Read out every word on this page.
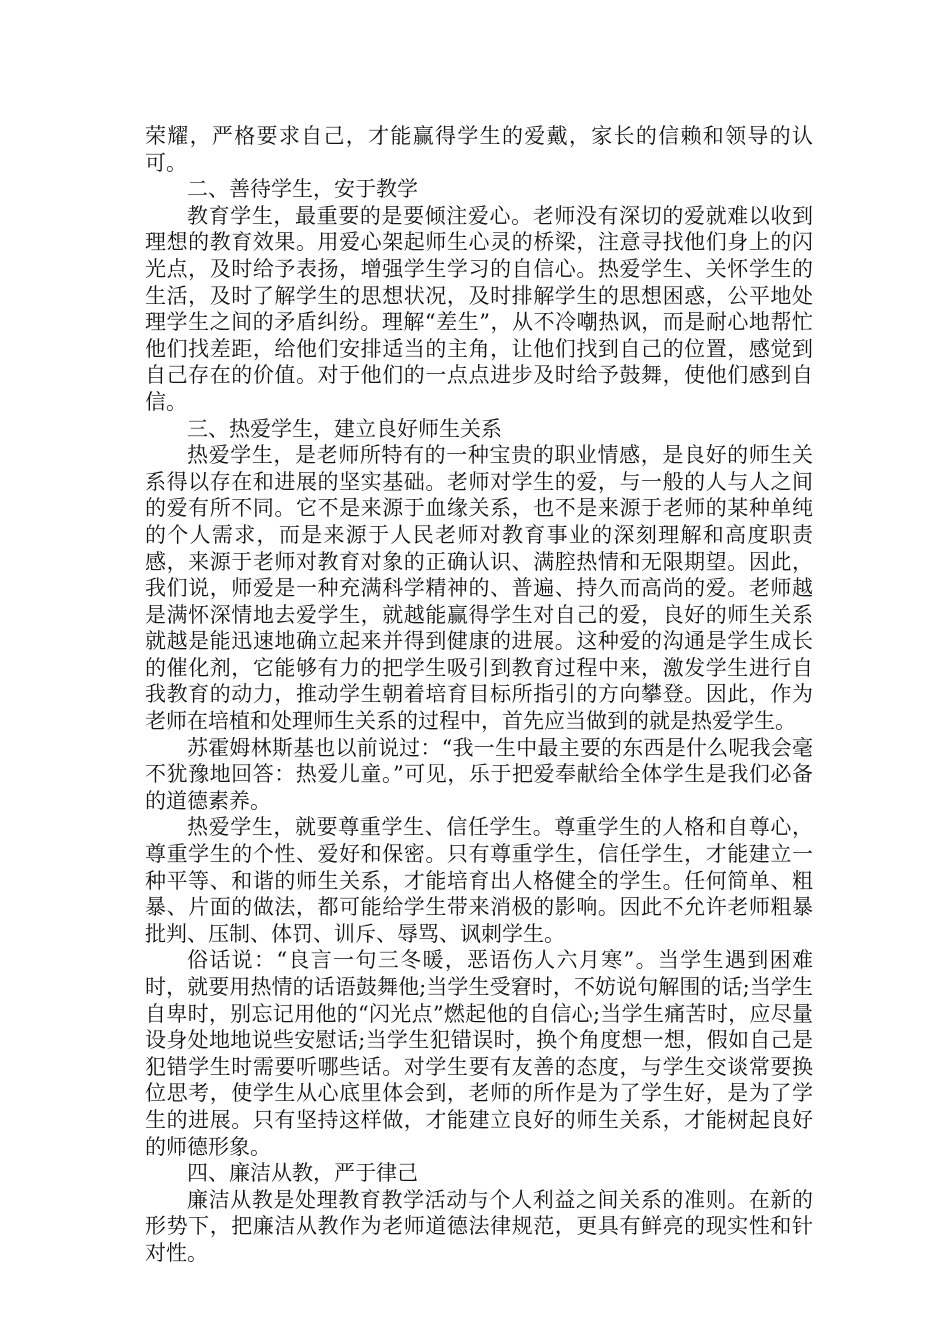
荣耀，严格要求自己，才能赢得学生的爱戴，家长的信赖和领导的认可。

二、善待学生，安于教学

教育学生，最重要的是要倾注爱心。老师没有深切的爱就难以收到理想的教育效果。用爱心架起师生心灵的桥梁，注意寻找他们身上的闪光点，及时给予表扬，增强学生学习的自信心。热爱学生、关怀学生的生活，及时了解学生的思想状况，及时排解学生的思想困惑，公平地处理学生之间的矛盾纠纷。理解“差生”，从不冷嘲热讽，而是耐心地帮忙他们找差距，给他们安排适当的主角，让他们找到自己的位置，感觉到自己存在的价值。对于他们的一点点进步及时给予鼓舞，使他们感到自信。

三、热爱学生，建立良好师生关系

热爱学生，是老师所特有的一种宝贵的职业情感，是良好的师生关系得以存在和进展的坚实基础。老师对学生的爱，与一般的人与人之间的爱有所不同。它不是来源于血缘关系，也不是来源于老师的某种单纯的个人需求，而是来源于人民老师对教育事业的深刻理解和高度职责感，来源于老师对教育对象的正确认识、满腔热情和无限期望。因此，我们说，师爱是一种充满科学精神的、普遍、持久而高尚的爱。老师越是满怀深情地去爱学生，就越能赢得学生对自己的爱，良好的师生关系就越是能迅速地确立起来并得到健康的进展。这种爱的沟通是学生成长的催化剂，它能够有力的把学生吸引到教育过程中来，激发学生进行自我教育的动力，推动学生朝着培育目标所指引的方向攀登。因此，作为老师在培植和处理师生关系的过程中，首先应当做到的就是热爱学生。

苏霍姆林斯基也以前说过：“我一生中最主要的东西是什么呢我会毫不犹豫地回答：热爱儿童。”可见，乐于把爱奉献给全体学生是我们必备的道德素养。

热爱学生，就要尊重学生、信任学生。尊重学生的人格和自尊心，尊重学生的个性、爱好和保密。只有尊重学生，信任学生，才能建立一种平等、和谐的师生关系，才能培育出人格健全的学生。任何简单、粗暴、片面的做法，都可能给学生带来消极的影响。因此不允许老师粗暴批判、压制、体罚、训斥、辱骂、讽刺学生。

俗话说：“良言一句三冬暖，恶语伤人六月寒”。当学生遇到困难时，就要用热情的话语鼓舞他;当学生受窘时，不妨说句解围的话;当学生自卑时，别忘记用他的“闪光点”燃起他的自信心;当学生痛苦时，应尽量设身处地地说些安慰话;当学生犯错误时，换个角度想一想，假如自己是犯错学生时需要听哪些话。对学生要有友善的态度，与学生交谈常要换位思考，使学生从心底里体会到，老师的所作是为了学生好，是为了学生的进展。只有坚持这样做，才能建立良好的师生关系，才能树起良好的师德形象。

四、廉洁从教，严于律己

廉洁从教是处理教育教学活动与个人利益之间关系的准则。在新的形势下，把廉洁从教作为老师道德法律规范，更具有鲜亮的现实性和针对性。
